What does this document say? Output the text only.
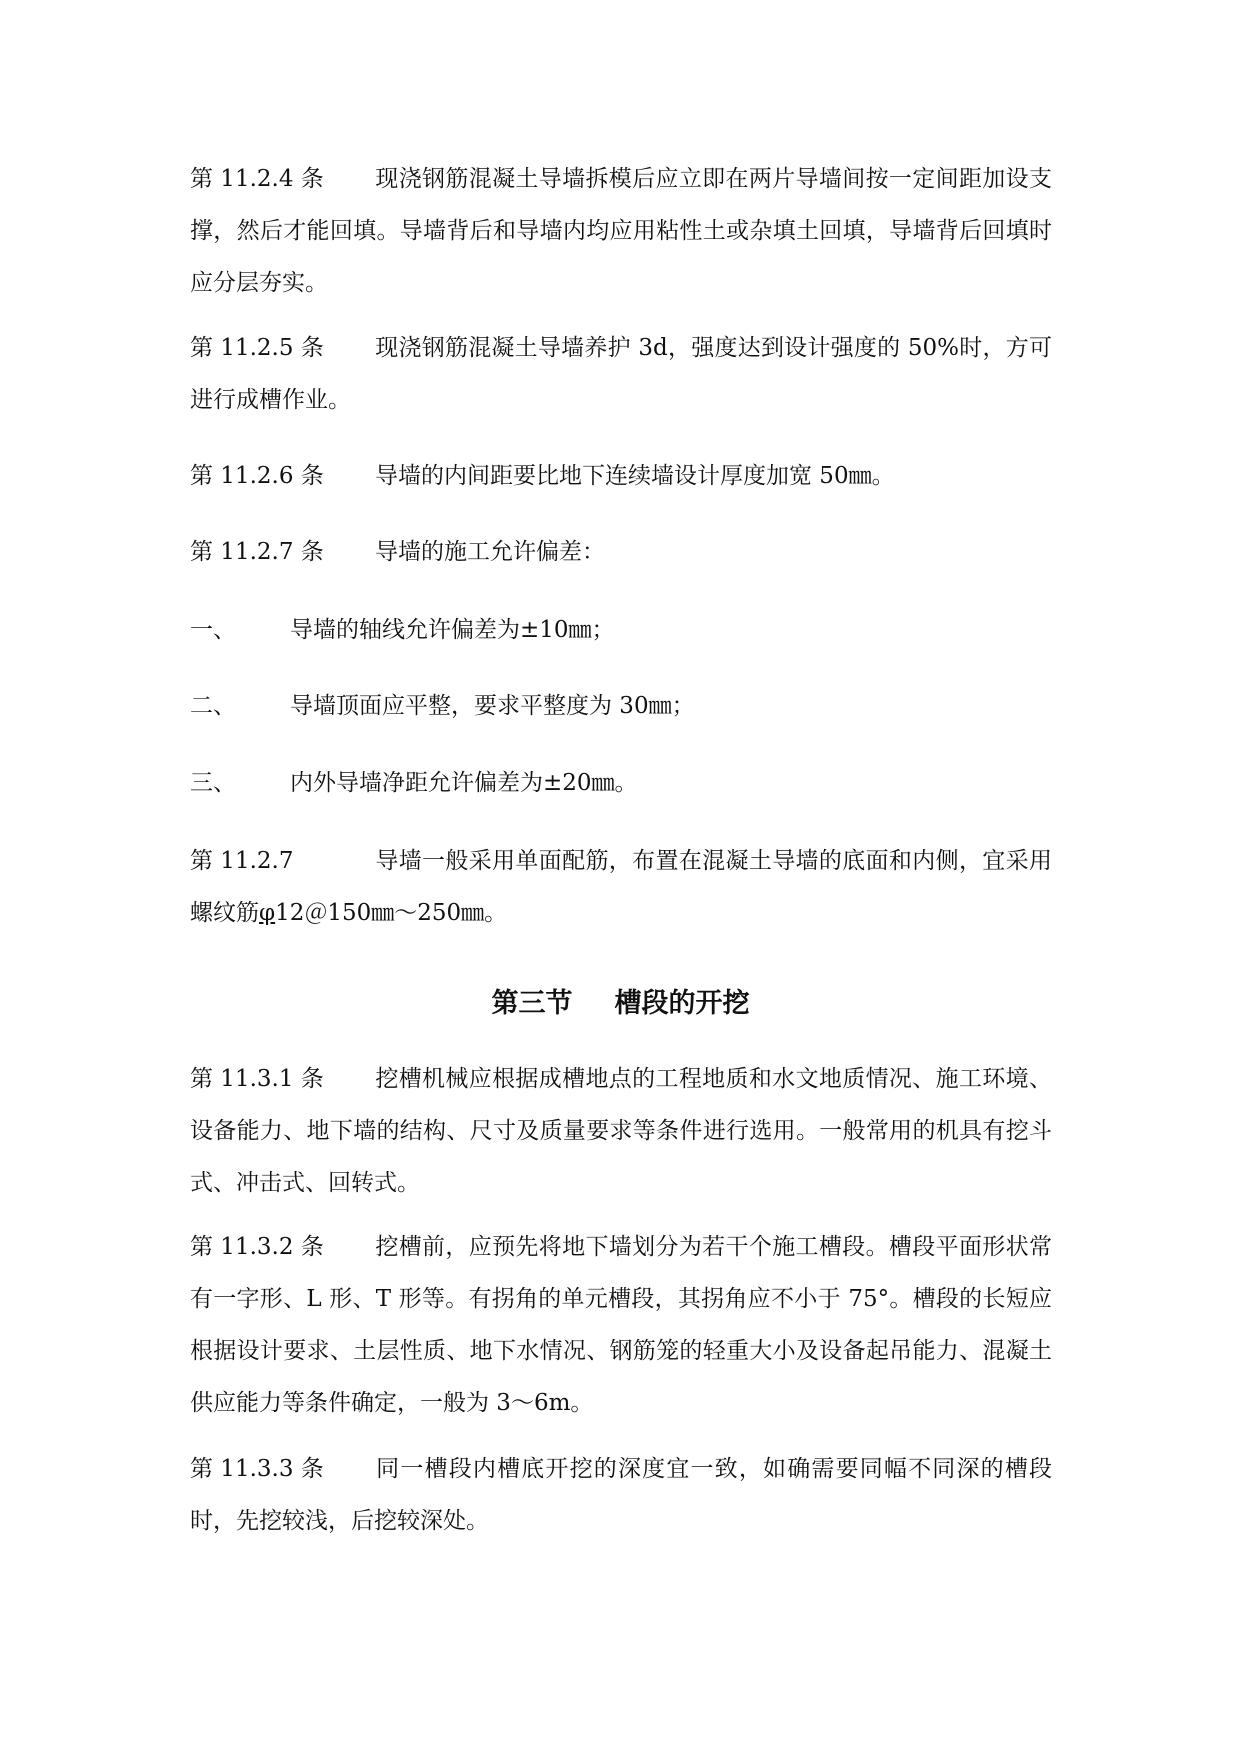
第 11.2.4 条 现浇钢筋混凝土导墙拆模后应立即在两片导墙间按一定间距加设支撑，然后才能回填。导墙背后和导墙内均应用粘性土或杂填土回填，导墙背后回填时应分层夯实。

第 11.2.5 条 现浇钢筋混凝土导墙养护 3d，强度达到设计强度的 50%时，方可进行成槽作业。

第 11.2.6 条 导墙的内间距要比地下连续墙设计厚度加宽 50㎜。

第 11.2.7 条 导墙的施工允许偏差：

一、 导墙的轴线允许偏差为±10㎜；

二、 导墙顶面应平整，要求平整度为 30㎜；

三、 内外导墙净距允许偏差为±20㎜。

第 11.2.7	导墙一般采用单面配筋，布置在混凝土导墙的底面和内侧，宜采用螺纹筋φ12＠150㎜～250㎜。

第三节 槽段的开挖

第 11.3.1 条 挖槽机械应根据成槽地点的工程地质和水文地质情况、施工环境、设备能力、地下墙的结构、尺寸及质量要求等条件进行选用。一般常用的机具有挖斗式、冲击式、回转式。

第 11.3.2 条 挖槽前，应预先将地下墙划分为若干个施工槽段。槽段平面形状常有一字形、L 形、T 形等。有拐角的单元槽段，其拐角应不小于 75°。槽段的长短应根据设计要求、土层性质、地下水情况、钢筋笼的轻重大小及设备起吊能力、混凝土供应能力等条件确定，一般为 3～6m。

第 11.3.3 条 同一槽段内槽底开挖的深度宜一致，如确需要同幅不同深的槽段时，先挖较浅，后挖较深处。
